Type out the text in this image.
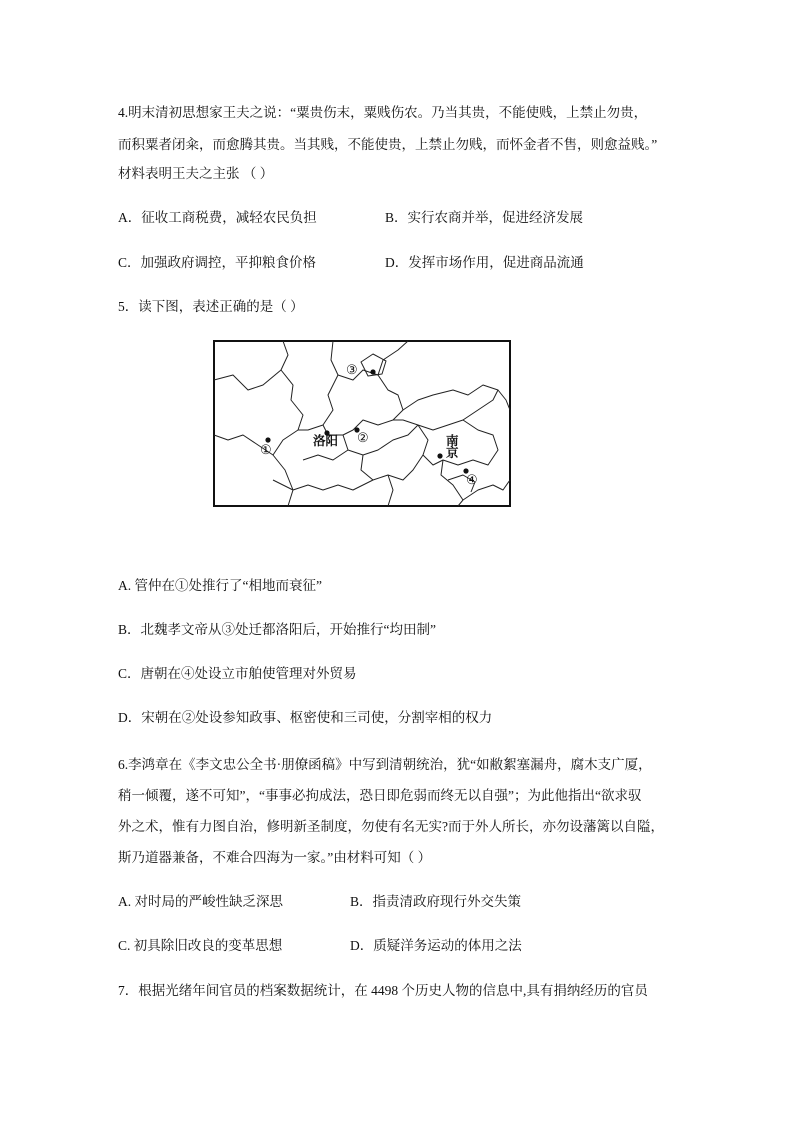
4.明末清初思想家王夫之说：“粟贵伤末，粟贱伤农。乃当其贵，不能使贱，上禁止勿贵，
而积粟者闭籴，而愈腾其贵。当其贱，不能使贵，上禁止勿贱，而怀金者不售，则愈益贱。”
材料表明王夫之主张 （ ）
A．征收工商税费，减轻农民负担	B．实行农商并举，促进经济发展
C．加强政府调控，平抑粮食价格	D．发挥市场作用，促进商品流通
5．读下图，表述正确的是（ ）
③
洛阳 ②
①
南
京
④
A. 管仲在①处推行了“相地而衰征”
B．北魏孝文帝从③处迁都洛阳后，开始推行“均田制”
C．唐朝在④处设立市舶使管理对外贸易
D．宋朝在②处设参知政事、枢密使和三司使，分割宰相的权力
6.李鸿章在《李文忠公全书·朋僚函稿》中写到清朝统治，犹“如敝絮塞漏舟，腐木支广厦，
稍一倾覆，遂不可知”，“事事必拘成法，恐日即危弱而终无以自强”；为此他指出“欲求驭
外之术，惟有力图自治，修明新圣制度，勿使有名无实?而于外人所长，亦勿设藩篱以自隘，
斯乃道器兼备，不难合四海为一家。”由材料可知（ ）
A. 对时局的严峻性缺乏深思	B．指责清政府现行外交失策
C. 初具除旧改良的变革思想	D．质疑洋务运动的体用之法
7．根据光绪年间官员的档案数据统计，在 4498 个历史人物的信息中,具有捐纳经历的官员
